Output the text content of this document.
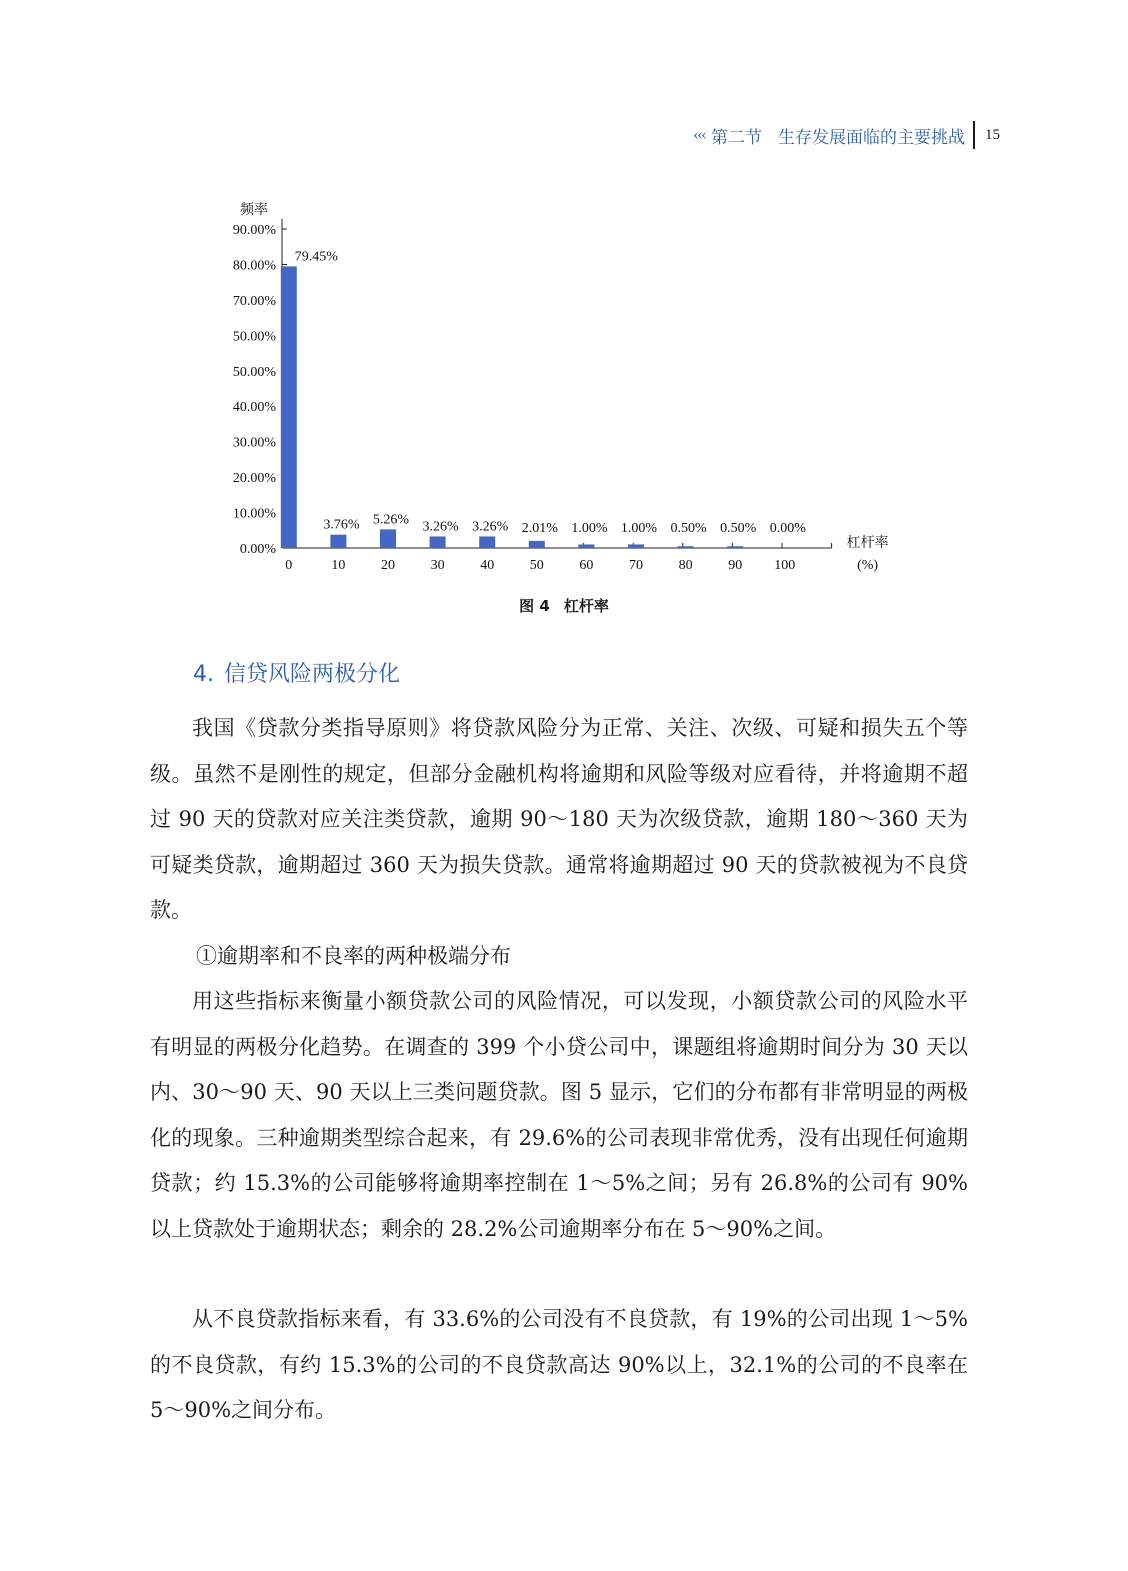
‹‹‹ 第二节 生存发展面临的主要挑战 15
0.00%
10.00%
20.00%
30.00%
40.00%
50.00%
50.00%
70.00%
80.00%
90.00%
频率
79.45%
0
3.76%
10
5.26%
20
3.26%
30
3.26%
40
2.01%
50
1.00%
60
1.00%
70
0.50%
80
0.50%
90
0.00%
100
杠杆率
(%)
图 4 杠杆率
4. 信贷风险两极分化

我国《贷款分类指导原则》将贷款风险分为正常、关注、次级、可疑和损失五个等级。虽然不是刚性的规定，但部分金融机构将逾期和风险等级对应看待，并将逾期不超过 90 天的贷款对应关注类贷款，逾期 90～180 天为次级贷款，逾期 180～360 天为可疑类贷款，逾期超过 360 天为损失贷款。通常将逾期超过 90 天的贷款被视为不良贷款。

①逾期率和不良率的两种极端分布

用这些指标来衡量小额贷款公司的风险情况，可以发现，小额贷款公司的风险水平有明显的两极分化趋势。在调查的 399 个小贷公司中，课题组将逾期时间分为 30 天以内、30～90 天、90 天以上三类问题贷款。图 5 显示，它们的分布都有非常明显的两极化的现象。三种逾期类型综合起来，有 29.6%的公司表现非常优秀，没有出现任何逾期贷款；约 15.3%的公司能够将逾期率控制在 1～5%之间；另有 26.8%的公司有 90%以上贷款处于逾期状态；剩余的 28.2%公司逾期率分布在 5～90%之间。

从不良贷款指标来看，有 33.6%的公司没有不良贷款，有 19%的公司出现 1～5%的不良贷款，有约 15.3%的公司的不良贷款高达 90%以上，32.1%的公司的不良率在 5～90%之间分布。
